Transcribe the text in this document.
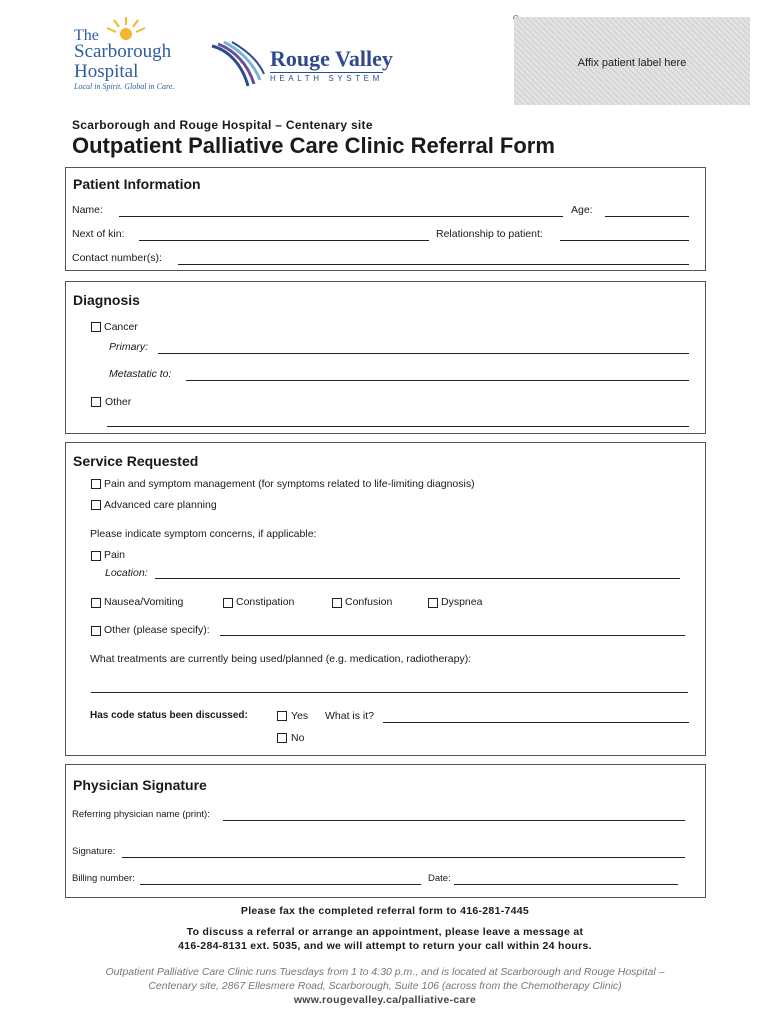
The
Scarborough
Hospital
Local in Spirit. Global in Care.
Rouge Valley
HEALTH SYSTEM
Affix patient label here
Scarborough and Rouge Hospital – Centenary site
Outpatient Palliative Care Clinic Referral Form
Patient Information
Name:	Age:
Next of kin:	Relationship to patient:
Contact number(s):
Diagnosis
Cancer
Primary:
Metastatic to:
Other
Service Requested
Pain and symptom management (for symptoms related to life-limiting diagnosis)
Advanced care planning
Please indicate symptom concerns, if applicable:
Pain
Location:
Nausea/Vomiting	Constipation	Confusion	Dyspnea
Other (please specify):
What treatments are currently being used/planned (e.g. medication, radiotherapy):
Has code status been discussed:	Yes What is it?
No
Physician Signature
Referring physician name (print):
Signature:
Billing number:	Date:
Please fax the completed referral form to 416-281-7445
To discuss a referral or arrange an appointment, please leave a message at
416-284-8131 ext. 5035, and we will attempt to return your call within 24 hours.
Outpatient Palliative Care Clinic runs Tuesdays from 1 to 4:30 p.m., and is located at Scarborough and Rouge Hospital –
Centenary site, 2867 Ellesmere Road, Scarborough, Suite 106 (across from the Chemotherapy Clinic)
www.rougevalley.ca/palliative-care
